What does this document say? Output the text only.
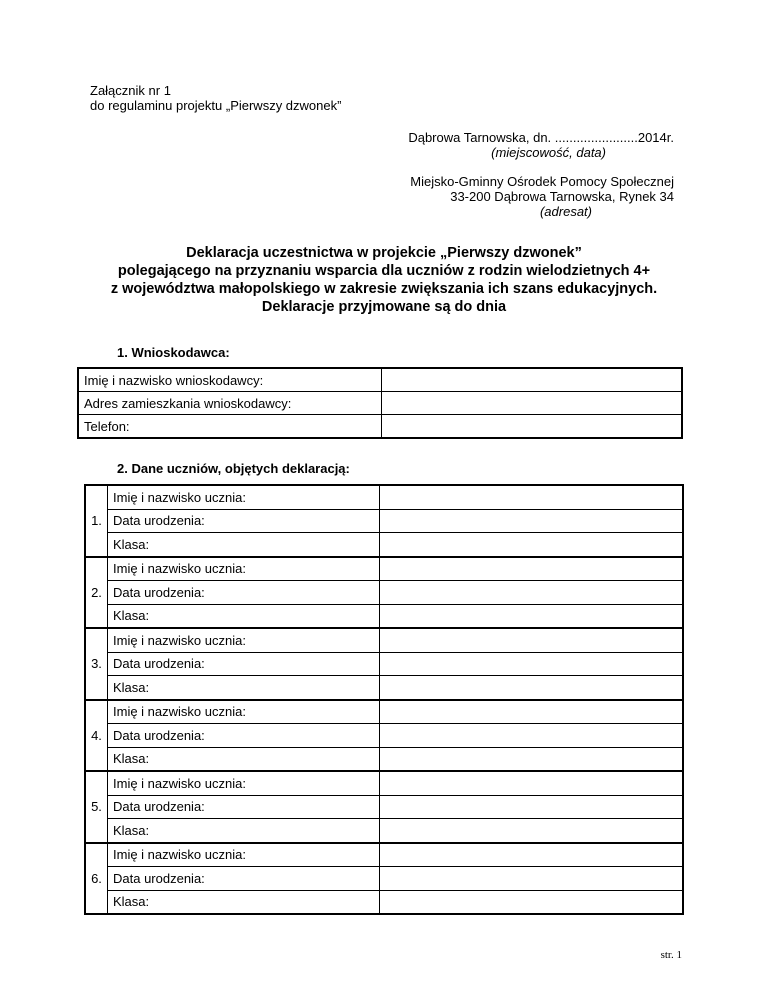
Załącznik nr 1
do regulaminu projektu „Pierwszy dzwonek”
Dąbrowa Tarnowska, dn. .......................2014r.
(miejscowość, data)
Miejsko-Gminny Ośrodek Pomocy Społecznej
33-200 Dąbrowa Tarnowska, Rynek 34
(adresat)
Deklaracja uczestnictwa w projekcie „Pierwszy dzwonek”
polegającego na przyznaniu wsparcia dla uczniów z rodzin wielodzietnych 4+
z województwa małopolskiego w zakresie zwiększania ich szans edukacyjnych.
Deklaracje przyjmowane są do dnia
1. Wnioskodawca:
Imię i nazwisko wnioskodawcy:	
Adres zamieszkania wnioskodawcy:	
Telefon:	
2. Dane uczniów, objętych deklaracją:
1.	Imię i nazwisko ucznia:	
	Data urodzenia:	
	Klasa:	
2.	Imię i nazwisko ucznia:	
	Data urodzenia:	
	Klasa:	
3.	Imię i nazwisko ucznia:	
	Data urodzenia:	
	Klasa:	
4.	Imię i nazwisko ucznia:	
	Data urodzenia:	
	Klasa:	
5.	Imię i nazwisko ucznia:	
	Data urodzenia:	
	Klasa:	
6.	Imię i nazwisko ucznia:	
	Data urodzenia:	
	Klasa:	
str. 1
